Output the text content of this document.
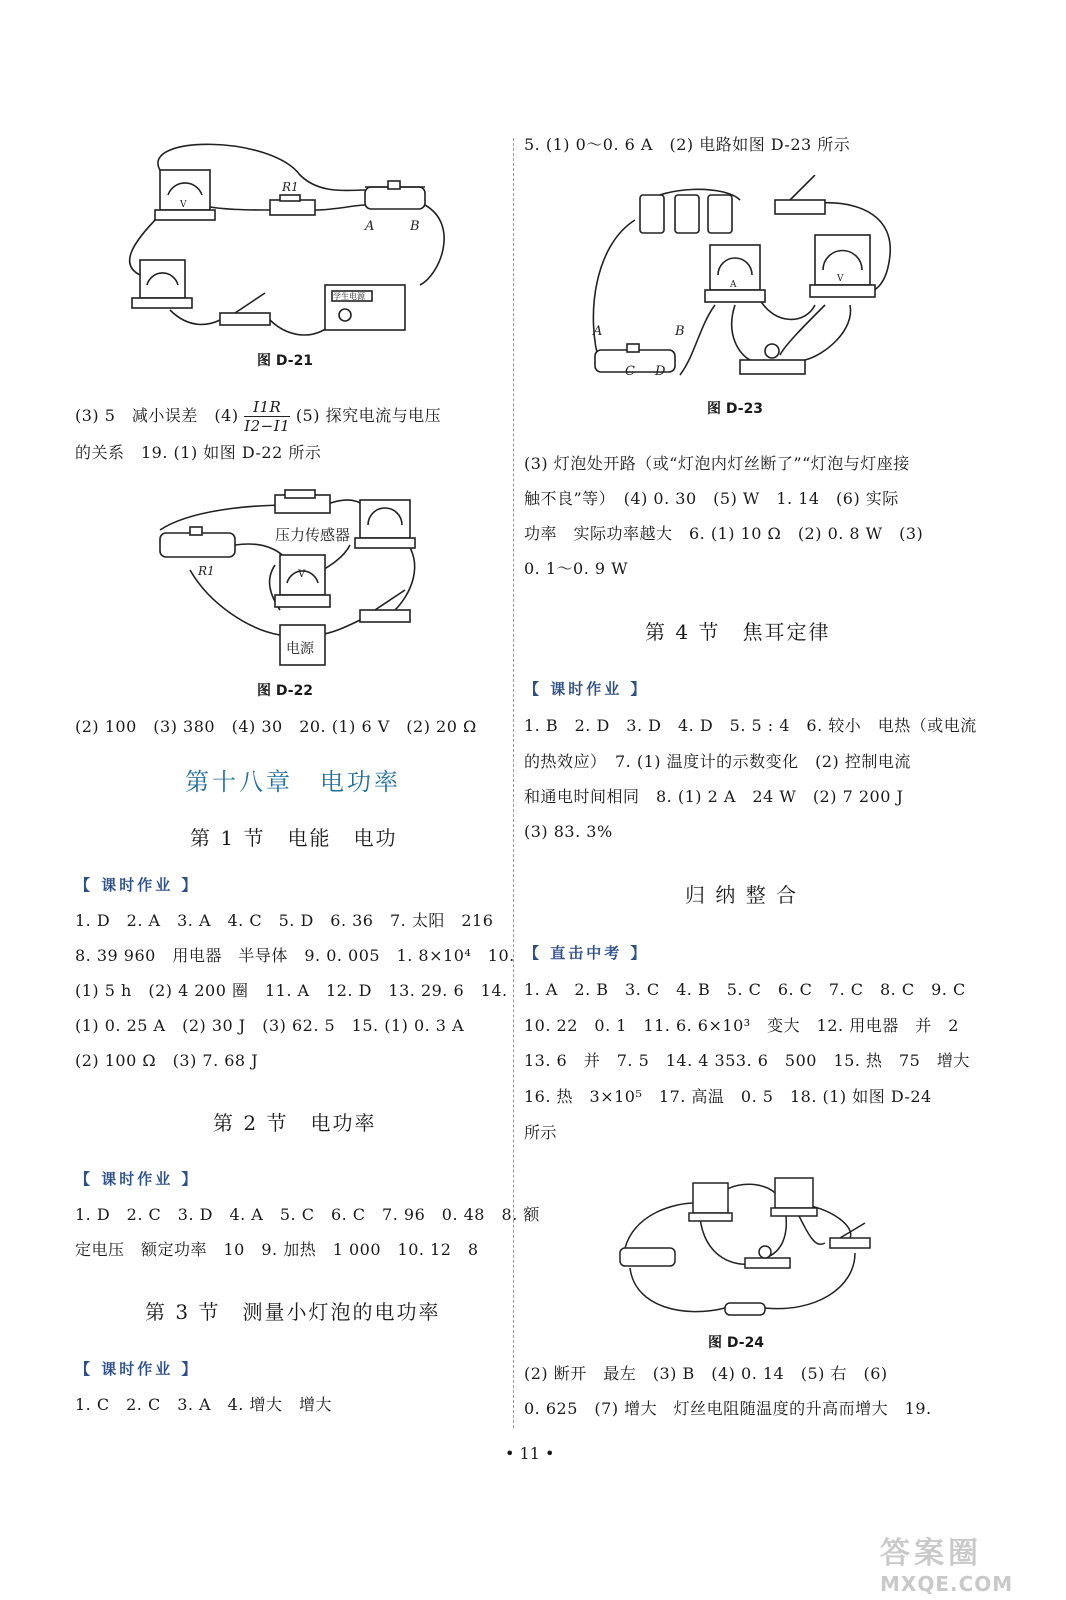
R1
A	B
V
学生电源
图 D-21
(3) 5　减小误差　$(4) \frac{I1R}{I2-I1} (5)$ 探究电流与电压
的关系　19. (1) 如图 D-22 所示
压力传感器
电源
R1	V
图 D-22
(2) 100　(3) 380　(4) 30　20. (1) 6 V　(2) 20 Ω
第十八章　电功率
第 1 节　电能　电功
【 课时作业 】
1. D　2. A　3. A　4. C　5. D　6. 36　7. 太阳　216
8. 39 960　用电器　半导体　9. 0. 005　1. 8×10⁴　10.
(1) 5 h　(2) 4 200 圈　11. A　12. D　13. 29. 6　14.
(1) 0. 25 A　(2) 30 J　(3) 62. 5　15. (1) 0. 3 A
(2) 100 Ω　(3) 7. 68 J
第 2 节　电功率
【 课时作业 】
1. D　2. C　3. D　4. A　5. C　6. C　7. 96　0. 48　8. 额
定电压　额定功率　10　9. 加热　1 000　10. 12　8
第 3 节　测量小灯泡的电功率
【 课时作业 】
1. C　2. C　3. A　4. 增大　增大
5. (1) 0～0. 6 A　(2) 电路如图 D-23 所示
A	B
C D
A
V
图 D-23
(3) 灯泡处开路（或“灯泡内灯丝断了”“灯泡与灯座接
触不良”等）　(4) 0. 30　(5) W　1. 14　(6) 实际
功率　实际功率越大　6. (1) 10 Ω　(2) 0. 8 W　(3)
0. 1～0. 9 W
第 4 节　焦耳定律
【 课时作业 】
1. B　2. D　3. D　4. D　5. 5 : 4　6. 较小　电热（或电流
的热效应）　7. (1) 温度计的示数变化　(2) 控制电流
和通电时间相同　8. (1) 2 A　24 W　(2) 7 200 J
(3) 83. 3%
归 纳 整 合
【 直击中考 】
1. A　2. B　3. C　4. B　5. C　6. C　7. C　8. C　9. C
10. 22　0. 1　11. 6. 6×10³　变大　12. 用电器　并　2
13. 6　并　7. 5　14. 4 353. 6　500　15. 热　75　增大
16. 热　3×10⁵　17. 高温　0. 5　18. (1) 如图 D-24
所示
图 D-24
(2) 断开　最左　(3) B　(4) 0. 14　(5) 右　(6)
0. 625　(7) 增大　灯丝电阻随温度的升高而增大　19.
• 11 •
答案圈
MXQE.COM
